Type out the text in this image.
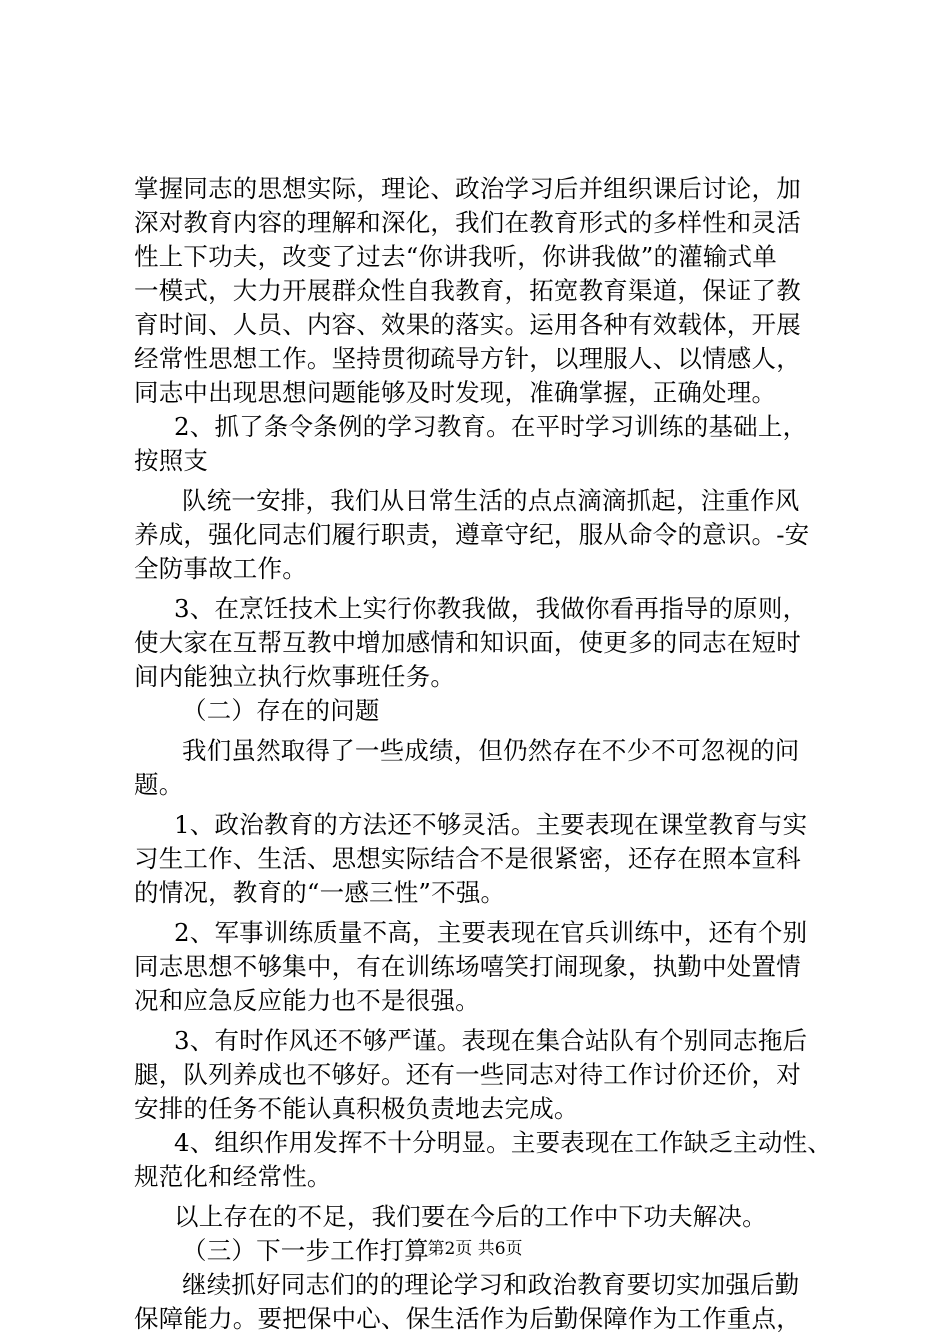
掌握同志的思想实际，理论、政治学习后并组织课后讨论，加
深对教育内容的理解和深化，我们在教育形式的多样性和灵活
性上下功夫，改变了过去“你讲我听，你讲我做”的灌输式单
一模式，大力开展群众性自我教育，拓宽教育渠道，保证了教
育时间、人员、内容、效果的落实。运用各种有效载体，开展
经常性思想工作。坚持贯彻疏导方针，以理服人、以情感人，
同志中出现思想问题能够及时发现，准确掌握，正确处理。
2、抓了条令条例的学习教育。在平时学习训练的基础上，
按照支
队统一安排，我们从日常生活的点点滴滴抓起，注重作风
养成，强化同志们履行职责，遵章守纪，服从命令的意识。-安
全防事故工作。
3、在烹饪技术上实行你教我做，我做你看再指导的原则，
使大家在互帮互教中增加感情和知识面，使更多的同志在短时
间内能独立执行炊事班任务。
（二）存在的问题
我们虽然取得了一些成绩，但仍然存在不少不可忽视的问
题。
1、政治教育的方法还不够灵活。主要表现在课堂教育与实
习生工作、生活、思想实际结合不是很紧密，还存在照本宣科
的情况，教育的“一感三性”不强。
2、军事训练质量不高，主要表现在官兵训练中，还有个别
同志思想不够集中，有在训练场嘻笑打闹现象，执勤中处置情
况和应急反应能力也不是很强。
3、有时作风还不够严谨。表现在集合站队有个别同志拖后
腿，队列养成也不够好。还有一些同志对待工作讨价还价，对
安排的任务不能认真积极负责地去完成。
4、组织作用发挥不十分明显。主要表现在工作缺乏主动性、
规范化和经常性。
以上存在的不足，我们要在今后的工作中下功夫解决。
（三）下一步工作打算
继续抓好同志们的的理论学习和政治教育要切实加强后勤
保障能力。要把保中心、保生活作为后勤保障作为工作重点，
第2页 共6页
